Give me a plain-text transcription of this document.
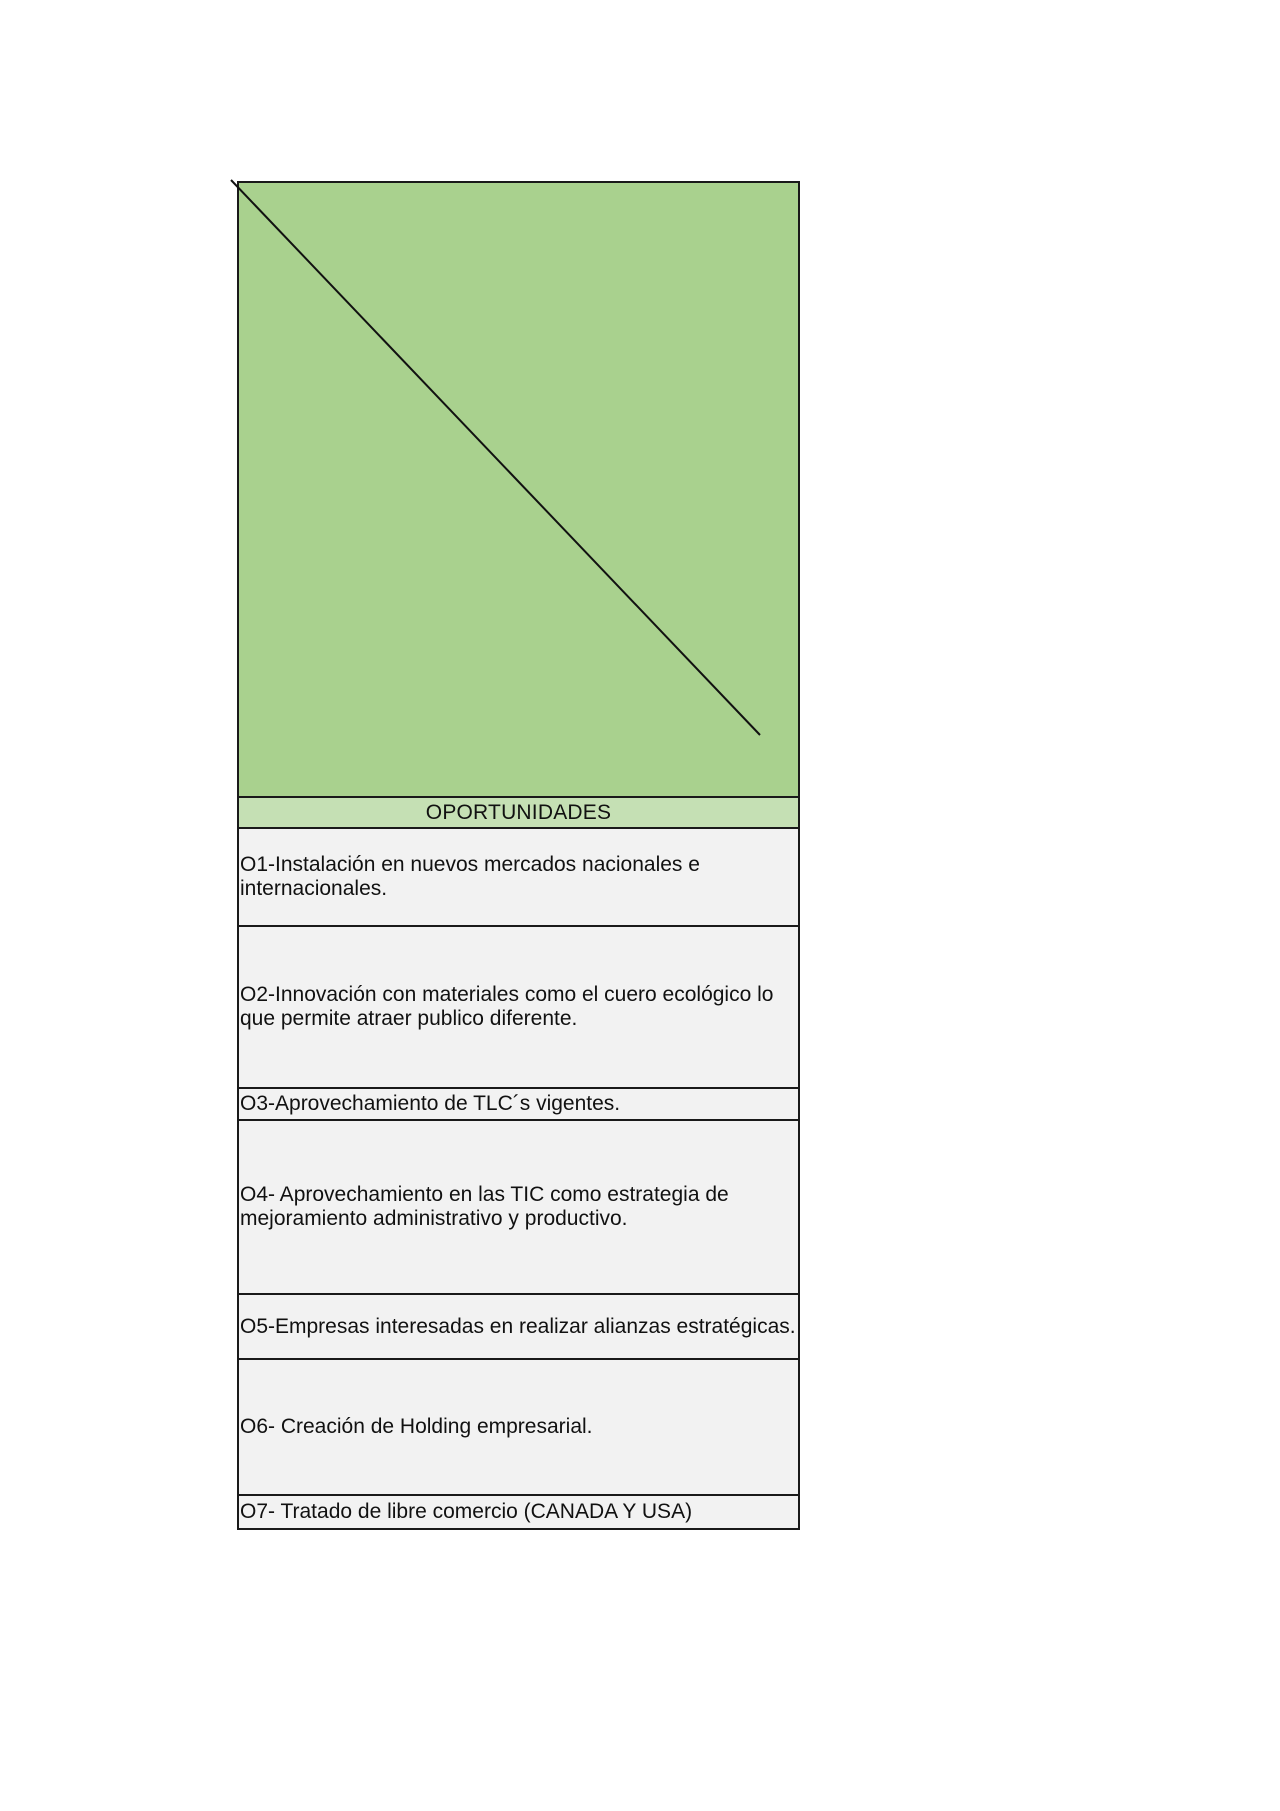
OPORTUNIDADES
O1-Instalación en nuevos mercados nacionales e internacionales.
O2-Innovación con materiales como el cuero ecológico lo que permite atraer publico diferente.
O3-Aprovechamiento de TLC´s vigentes.
O4- Aprovechamiento en las TIC como estrategia de mejoramiento administrativo y productivo.
O5-Empresas interesadas en realizar alianzas estratégicas.
O6- Creación de Holding empresarial.
O7- Tratado de libre comercio (CANADA Y USA)
